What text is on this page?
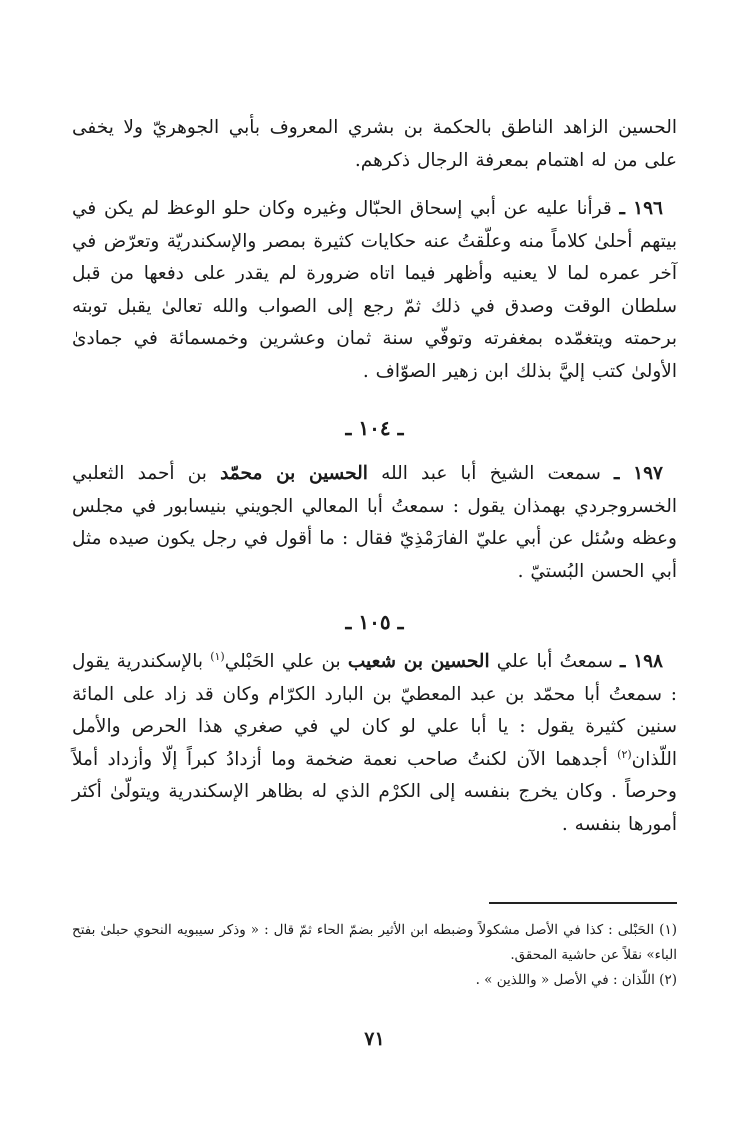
الحسين الزاهد الناطق بالحكمة بن بشري المعروف بأبي الجوهريّ ولا يخفى على من له اهتمام بمعرفة الرجال ذكرهم.

١٩٦ ـ قرأنا عليه عن أبي إسحاق الحبّال وغيره وكان حلو الوعظ لم يكن في بيتهم أحلىٰ كلاماً منه وعلّقتُ عنه حكايات كثيرة بمصر والإسكندريّة وتعرّض في آخر عمره لما لا يعنيه وأظهر فيما اتاه ضرورة لم يقدر على دفعها من قبل سلطان الوقت وصدق في ذلك ثمّ رجع إلى الصواب والله تعالىٰ يقبل توبته برحمته ويتغمّده بمغفرته وتوفّي سنة ثمان وعشرين وخمسمائة في جمادىٰ الأولىٰ كتب إليَّ بذلك ابن زهير الصوّاف .

ـ ١٠٤ ـ

١٩٧ ـ سمعت الشيخ أبا عبد الله الحسين بن محمّد بن أحمد الثعلبي الخسروجردي بهمذان يقول : سمعتُ أبا المعالي الجويني بنيسابور في مجلس وعظه وسُئل عن أبي عليّ الفارَمْذِيّ فقال : ما أقول في رجل يكون صيده مثل أبي الحسن البُستيّ .

ـ ١٠٥ ـ

١٩٨ ـ سمعتُ أبا علي الحسين بن شعيب بن علي الحَبْلي$^{(١)}$ بالإسكندرية يقول : سمعتُ أبا محمّد بن عبد المعطيّ بن البارد الكرّام وكان قد زاد على المائة سنين كثيرة يقول : يا أبا علي لو كان لي في صغري هذا الحرص والأمل اللّذان$^{(٢)}$ أجدهما الآن لكنتُ صاحب نعمة ضخمة وما أزدادُ كبراً إلّا وأزداد أملاً وحرصاً . وكان يخرج بنفسه إلى الكرْم الذي له بظاهر الإسكندرية ويتولّىٰ أكثر أمورها بنفسه .

(١) الحَبْلى : كذا في الأصل مشكولاً وضبطه ابن الأثير بضمّ الحاء ثمّ قال : « وذكر سيبويه النحوي حبلىٰ بفتح الباء» نقلاً عن حاشية المحقق.

(٢) اللّذان : في الأصل « واللذين » .

٧١
